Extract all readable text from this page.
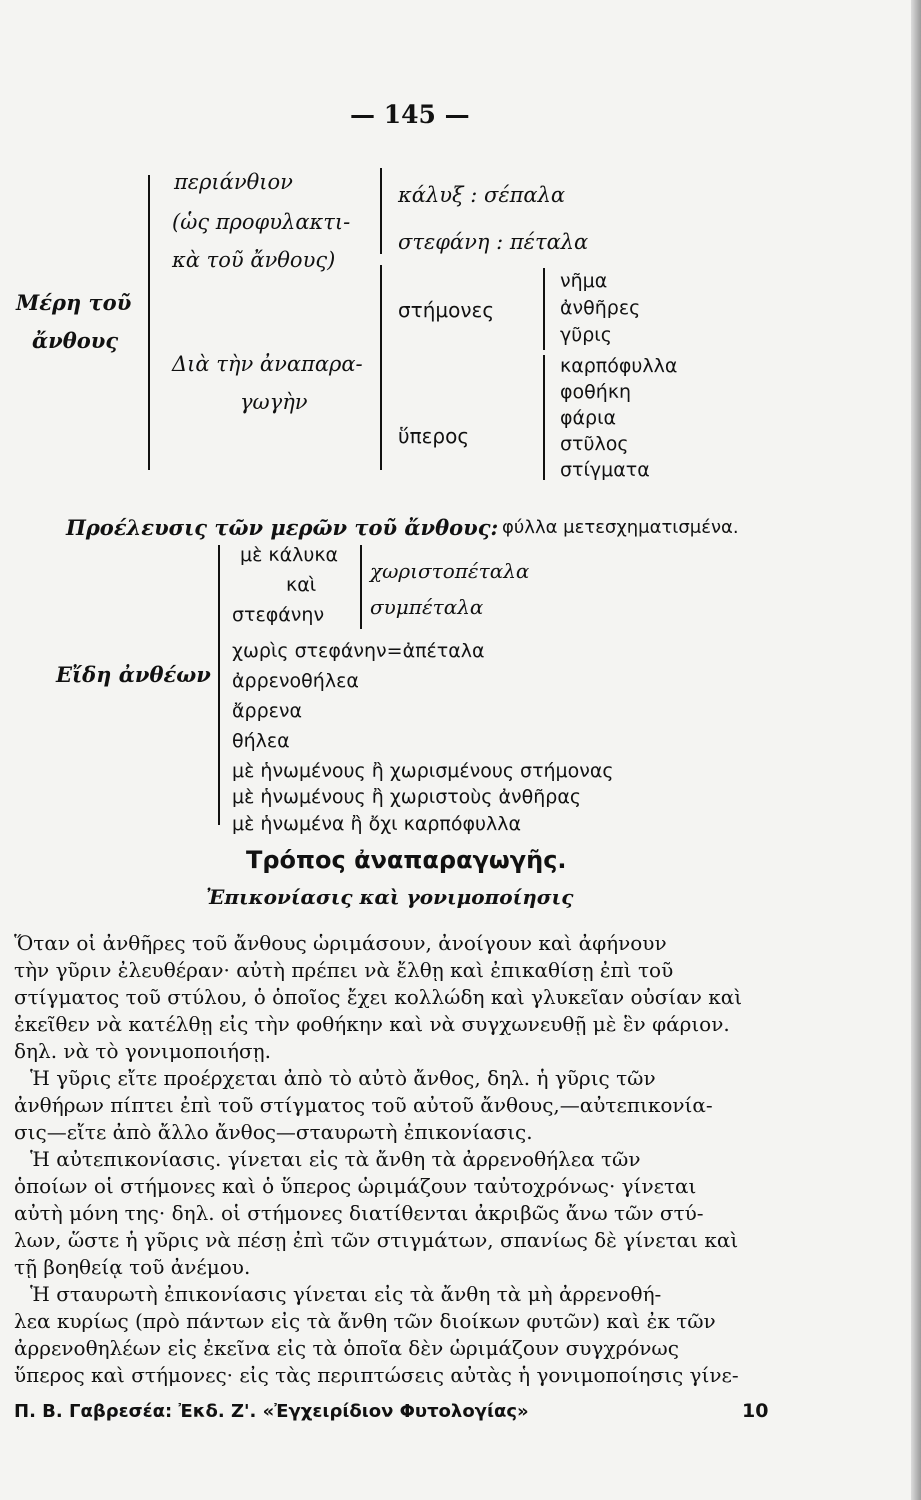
— 145 —
Μέρη τοῦ
ἄνθους
περιάνθιον
(ὡς προφυλακτι-
κὰ τοῦ ἄνθους)
Διὰ τὴν ἀναπαρα-
γωγὴν
κάλυξ : σέπαλα
στεφάνη : πέταλα
στήμονες
ὕπερος
νῆμα
ἀνθῆρες
γῦρις
καρπόφυλλα
φοθήκη
φάρια
στῦλος
στίγματα
Προέλευσις τῶν μερῶν τοῦ ἄνθους: φύλλα μετεσχηματισμένα.
Εἴδη ἀνθέων
μὲ κάλυκα
καὶ
στεφάνην
χωριστοπέταλα
συμπέταλα
χωρὶς στεφάνην=ἀπέταλα
ἀρρενοθήλεα
ἄρρενα
θήλεα
μὲ ἡνωμένους ἢ χωρισμένους στήμονας
μὲ ἡνωμένους ἢ χωριστοὺς ἀνθῆρας
μὲ ἡνωμένα ἢ ὄχι καρπόφυλλα
Τρόπος ἀναπαραγωγῆς.
Ἐπικονίασις καὶ γονιμοποίησις
Ὅταν οἱ ἀνθῆρες τοῦ ἄνθους ὡριμάσουν, ἀνοίγουν καὶ ἀφήνουν
τὴν γῦριν ἐλευθέραν· αὐτὴ πρέπει νὰ ἔλθῃ καὶ ἐπικαθίσῃ ἐπὶ τοῦ
στίγματος τοῦ στύλου, ὁ ὁποῖος ἔχει κολλώδη καὶ γλυκεῖαν οὐσίαν καὶ
ἐκεῖθεν νὰ κατέλθῃ εἰς τὴν φοθήκην καὶ νὰ συγχωνευθῇ μὲ ἓν φάριον.
δηλ. νὰ τὸ γονιμοποιήσῃ.
Ἡ γῦρις εἴτε προέρχεται ἀπὸ τὸ αὐτὸ ἄνθος, δηλ. ἡ γῦρις τῶν
ἀνθήρων πίπτει ἐπὶ τοῦ στίγματος τοῦ αὐτοῦ ἄνθους,—αὐτεπικονία-
σις—εἴτε ἀπὸ ἄλλο ἄνθος—σταυρωτὴ ἐπικονίασις.
Ἡ αὐτεπικονίασις. γίνεται εἰς τὰ ἄνθη τὰ ἀρρενοθήλεα τῶν
ὁποίων οἱ στήμονες καὶ ὁ ὕπερος ὡριμάζουν ταὐτοχρόνως· γίνεται
αὐτὴ μόνη της· δηλ. οἱ στήμονες διατίθενται ἀκριβῶς ἄνω τῶν στύ-
λων, ὥστε ἡ γῦρις νὰ πέσῃ ἐπὶ τῶν στιγμάτων, σπανίως δὲ γίνεται καὶ
τῇ βοηθείᾳ τοῦ ἀνέμου.
Ἡ σταυρωτὴ ἐπικονίασις γίνεται εἰς τὰ ἄνθη τὰ μὴ ἀρρενοθή-
λεα κυρίως (πρὸ πάντων εἰς τὰ ἄνθη τῶν διοίκων φυτῶν) καὶ ἐκ τῶν
ἀρρενοθηλέων εἰς ἐκεῖνα εἰς τὰ ὁποῖα δὲν ὡριμάζουν συγχρόνως
ὕπερος καὶ στήμονες· εἰς τὰς περιπτώσεις αὐτὰς ἡ γονιμοποίησις γίνε-
Π. Β. Γαβρεσέα: Ἐκδ. Ζ'. «Ἐγχειρίδιον Φυτολογίας»	10
